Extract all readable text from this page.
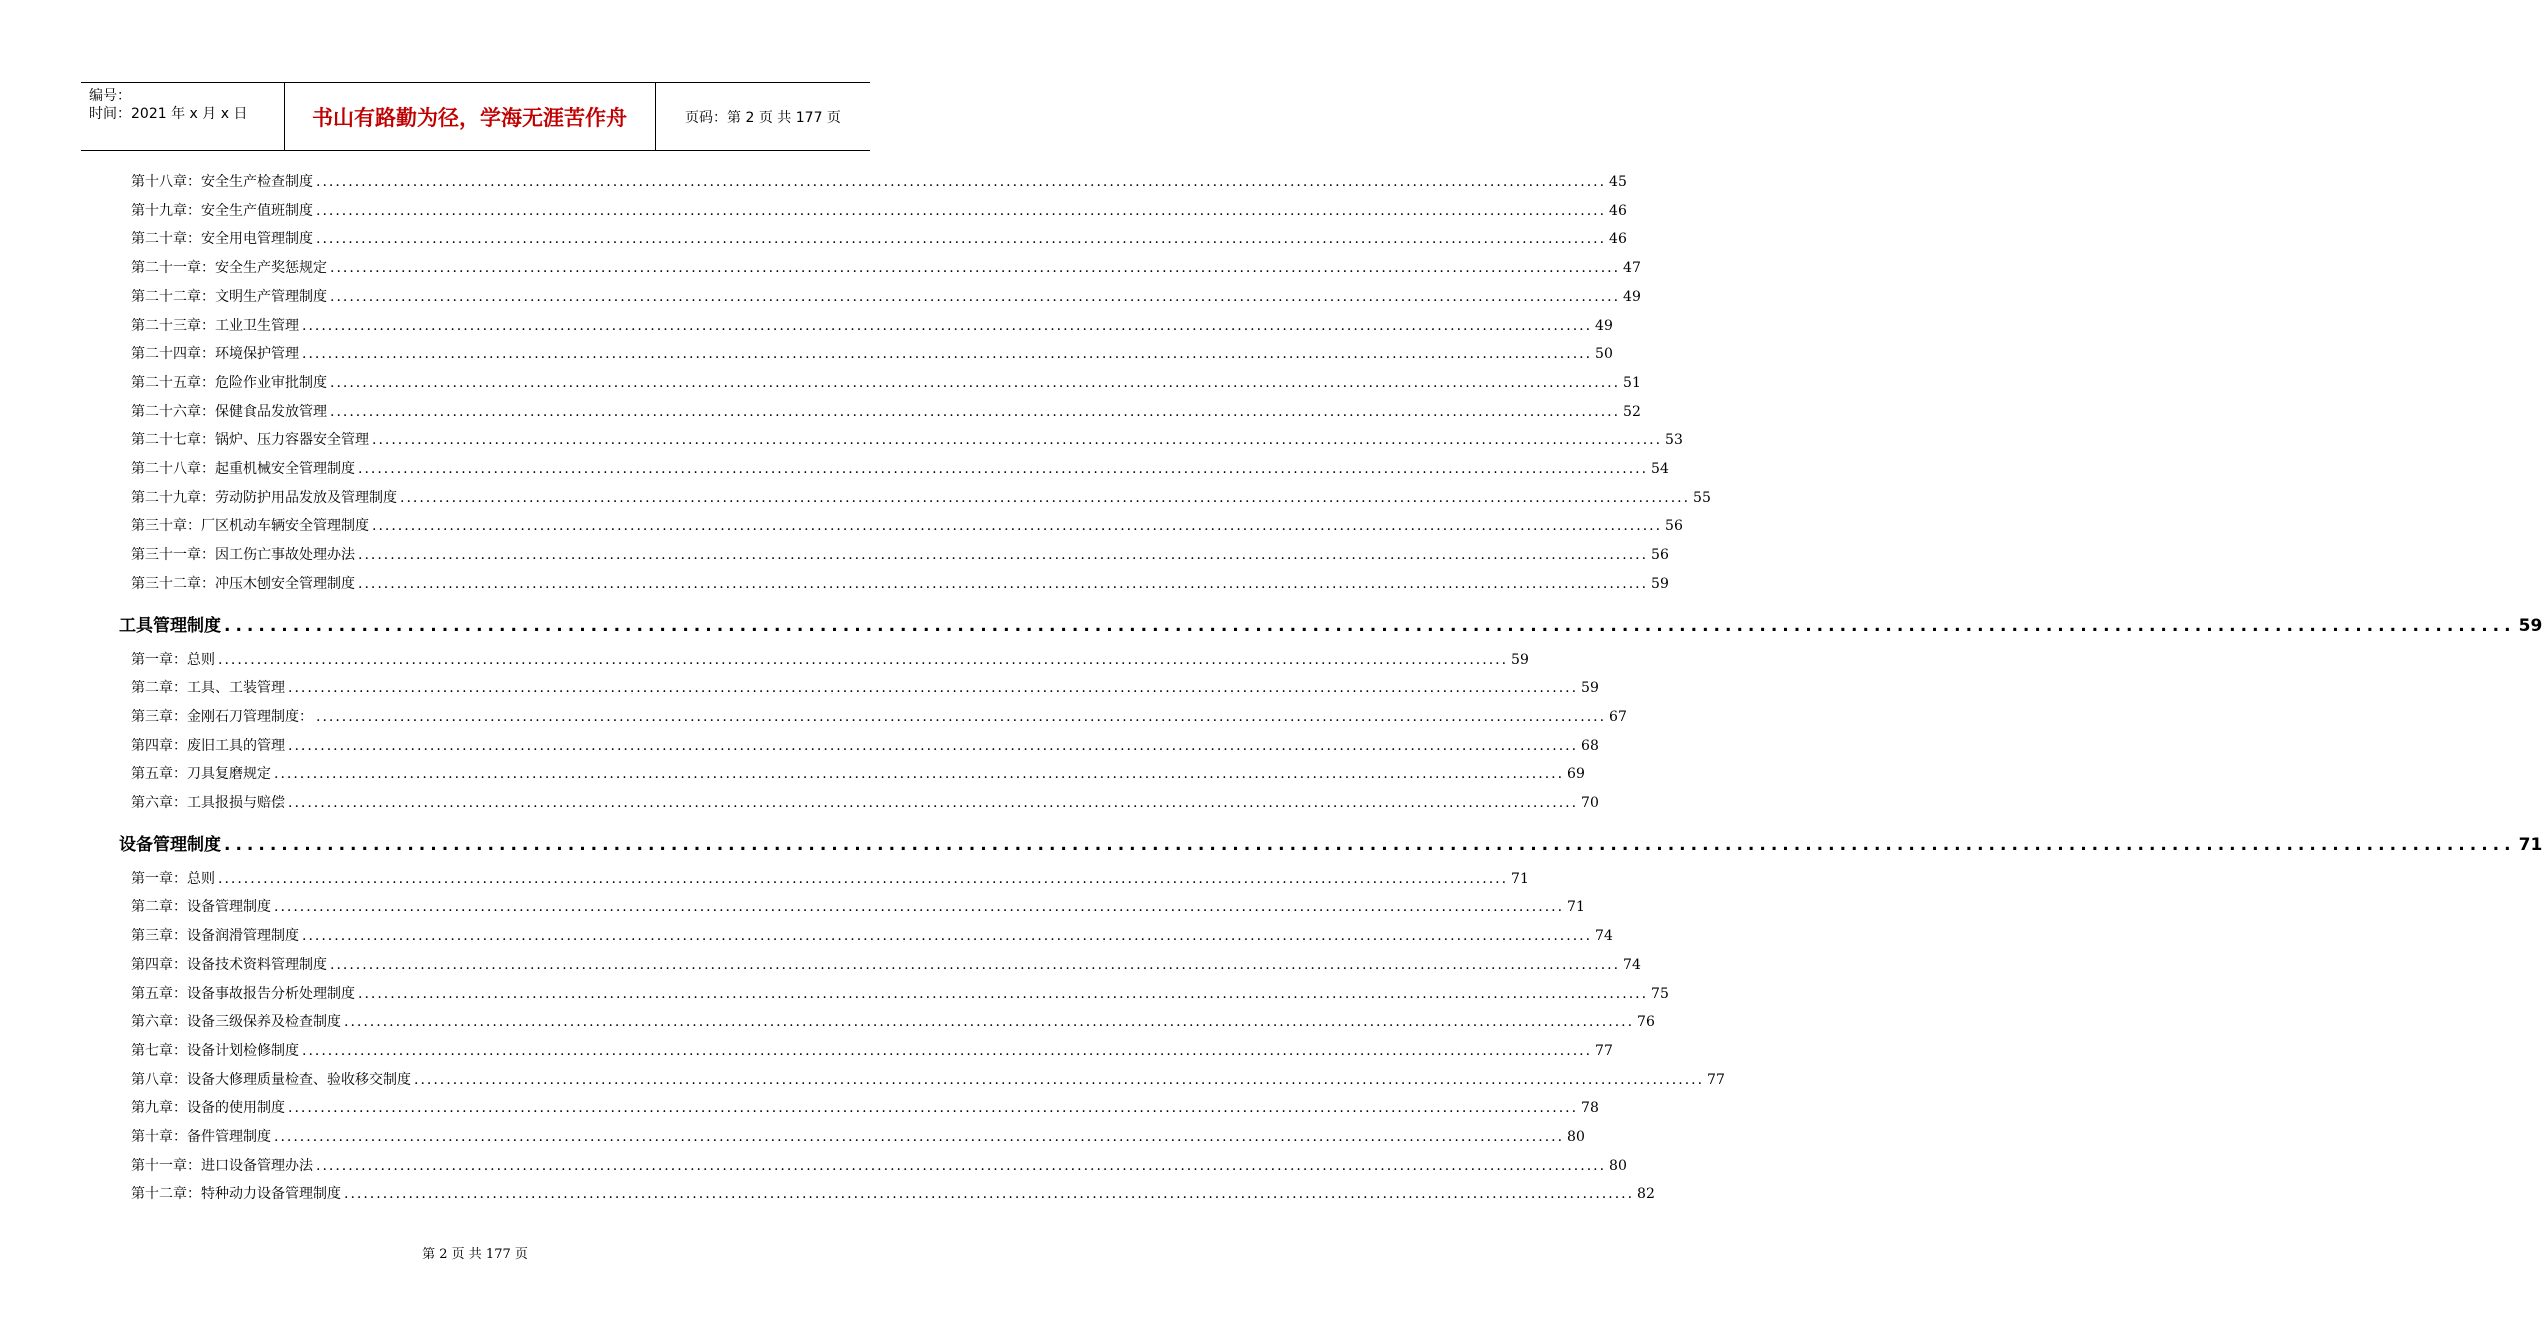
编号：
时间：2021 年 x 月 x 日	书山有路勤为径，学海无涯苦作舟	页码：第 2 页 共 177 页
第十八章：安全生产检查制度 ........................................................................................................................................................................................................ 45
第十九章：安全生产值班制度 ........................................................................................................................................................................................................ 46
第二十章：安全用电管理制度 ........................................................................................................................................................................................................ 46
第二十一章：安全生产奖惩规定 ........................................................................................................................................................................................................ 47
第二十二章：文明生产管理制度 ........................................................................................................................................................................................................ 49
第二十三章：工业卫生管理 ........................................................................................................................................................................................................ 49
第二十四章：环境保护管理 ........................................................................................................................................................................................................ 50
第二十五章：危险作业审批制度 ........................................................................................................................................................................................................ 51
第二十六章：保健食品发放管理 ........................................................................................................................................................................................................ 52
第二十七章：锅炉、压力容器安全管理 ........................................................................................................................................................................................................ 53
第二十八章：起重机械安全管理制度 ........................................................................................................................................................................................................ 54
第二十九章：劳动防护用品发放及管理制度 ........................................................................................................................................................................................................ 55
第三十章：厂区机动车辆安全管理制度 ........................................................................................................................................................................................................ 56
第三十一章：因工伤亡事故处理办法 ........................................................................................................................................................................................................ 56
第三十二章：冲压木刨安全管理制度 ........................................................................................................................................................................................................ 59
工具管理制度 ........................................................................................................................................................................................................ 59
第一章：总则 ........................................................................................................................................................................................................ 59
第二章：工具、工装管理 ........................................................................................................................................................................................................ 59
第三章：金刚石刀管理制度： ........................................................................................................................................................................................................ 67
第四章：废旧工具的管理 ........................................................................................................................................................................................................ 68
第五章：刀具复磨规定 ........................................................................................................................................................................................................ 69
第六章：工具报损与赔偿 ........................................................................................................................................................................................................ 70
设备管理制度 ........................................................................................................................................................................................................ 71
第一章：总则 ........................................................................................................................................................................................................ 71
第二章：设备管理制度 ........................................................................................................................................................................................................ 71
第三章：设备润滑管理制度 ........................................................................................................................................................................................................ 74
第四章：设备技术资料管理制度 ........................................................................................................................................................................................................ 74
第五章：设备事故报告分析处理制度 ........................................................................................................................................................................................................ 75
第六章：设备三级保养及检查制度 ........................................................................................................................................................................................................ 76
第七章：设备计划检修制度 ........................................................................................................................................................................................................ 77
第八章：设备大修理质量检查、验收移交制度 ........................................................................................................................................................................................................ 77
第九章：设备的使用制度 ........................................................................................................................................................................................................ 78
第十章：备件管理制度 ........................................................................................................................................................................................................ 80
第十一章：进口设备管理办法 ........................................................................................................................................................................................................ 80
第十二章：特种动力设备管理制度 ........................................................................................................................................................................................................ 82
第 2 页 共 177 页
